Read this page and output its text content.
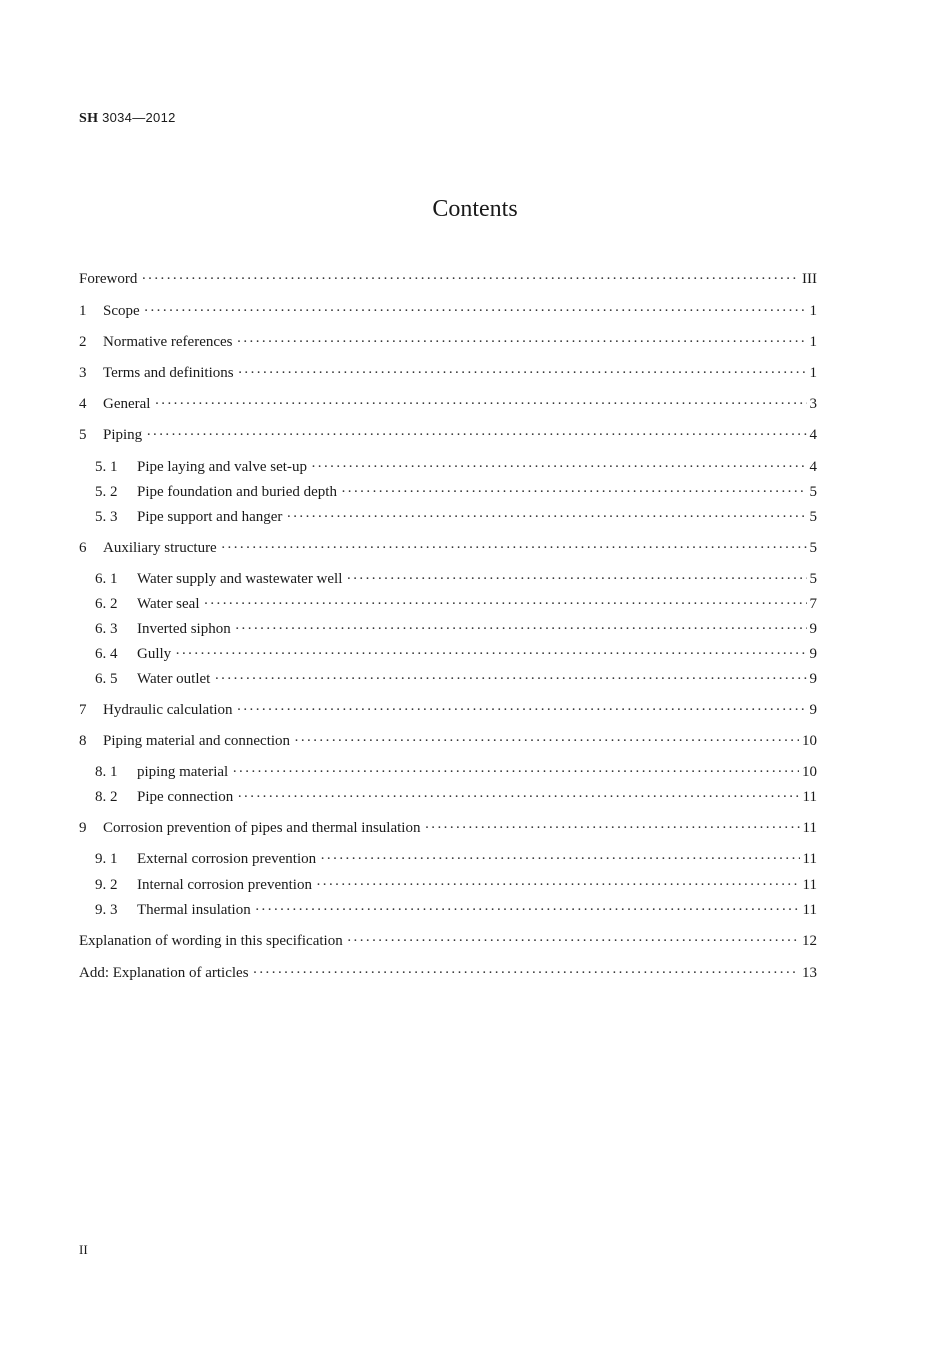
SH 3034—2012
Contents
Foreword ·····	III
1	Scope ·····	1
2	Normative references ·····	1
3	Terms and definitions ·····	1
4	General ·····	3
5	Piping ·····	4
5. 1	Pipe laying and valve set-up ·····	4
5. 2	Pipe foundation and buried depth ·····	5
5. 3	Pipe support and hanger ·····	5
6	Auxiliary structure ·····	5
6. 1	Water supply and wastewater well ·····	5
6. 2	Water seal ·····	7
6. 3	Inverted siphon ·····	9
6. 4	Gully ·····	9
6. 5	Water outlet ·····	9
7	Hydraulic calculation ·····	9
8	Piping material and connection ·····	10
8. 1	piping material ·····	10
8. 2	Pipe connection ·····	11
9	Corrosion prevention of pipes and thermal insulation ·····	11
9. 1	External corrosion prevention ·····	11
9. 2	Internal corrosion prevention ·····	11
9. 3	Thermal insulation ·····	11
Explanation of wording in this specification ·····	12
Add: Explanation of articles ·····	13
II
